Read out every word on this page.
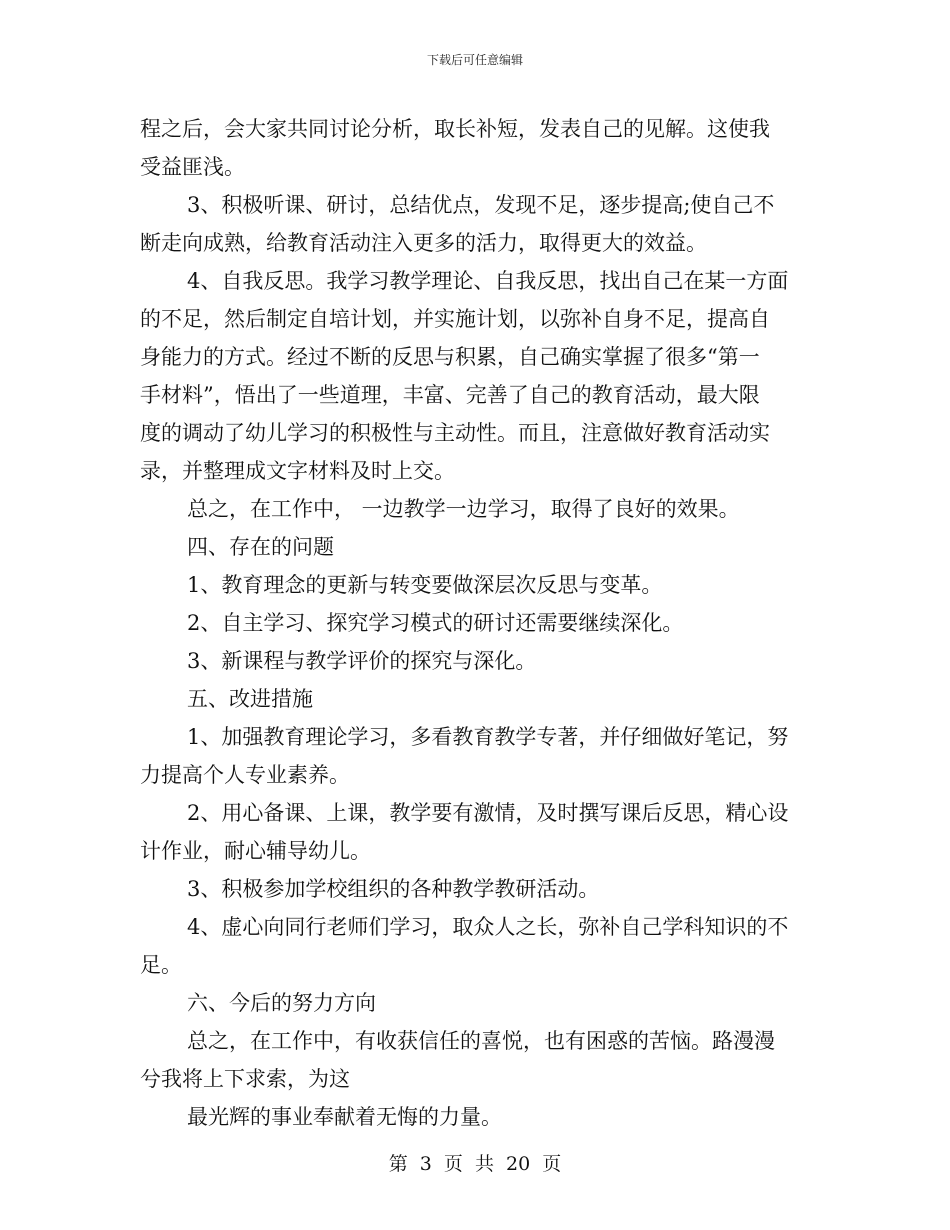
下载后可任意编辑

程之后，会大家共同讨论分析，取长补短，发表自己的见解。这使我

受益匪浅。

3、积极听课、研讨，总结优点，发现不足，逐步提高;使自己不

断走向成熟，给教育活动注入更多的活力，取得更大的效益。

4、自我反思。我学习教学理论、自我反思，找出自己在某一方面

的不足，然后制定自培计划，并实施计划，以弥补自身不足，提高自

身能力的方式。经过不断的反思与积累，自己确实掌握了很多“第一

手材料”，悟出了一些道理，丰富、完善了自己的教育活动，最大限

度的调动了幼儿学习的积极性与主动性。而且，注意做好教育活动实

录，并整理成文字材料及时上交。

总之，在工作中， 一边教学一边学习，取得了良好的效果。

四、存在的问题

1、教育理念的更新与转变要做深层次反思与变革。

2、自主学习、探究学习模式的研讨还需要继续深化。

3、新课程与教学评价的探究与深化。

五、改进措施

1、加强教育理论学习，多看教育教学专著，并仔细做好笔记，努

力提高个人专业素养。

2、用心备课、上课，教学要有激情，及时撰写课后反思，精心设

计作业，耐心辅导幼儿。

3、积极参加学校组织的各种教学教研活动。

4、虚心向同行老师们学习，取众人之长，弥补自己学科知识的不

足。

六、今后的努力方向

总之，在工作中，有收获信任的喜悦，也有困惑的苦恼。路漫漫

兮我将上下求索，为这

最光辉的事业奉献着无悔的力量。

第 3 页 共 20 页
